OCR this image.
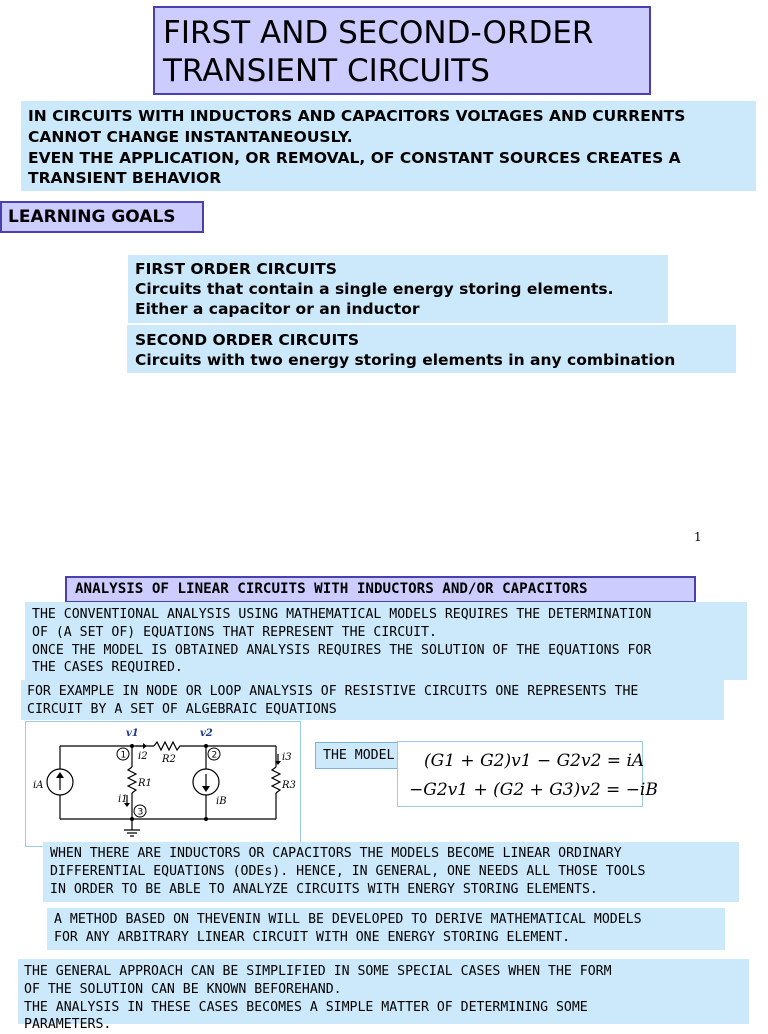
FIRST AND SECOND-ORDER
TRANSIENT CIRCUITS
IN CIRCUITS WITH INDUCTORS AND CAPACITORS VOLTAGES AND CURRENTS
CANNOT CHANGE INSTANTANEOUSLY.
EVEN THE APPLICATION, OR REMOVAL, OF CONSTANT SOURCES CREATES A
TRANSIENT BEHAVIOR
LEARNING GOALS
FIRST ORDER CIRCUITS
Circuits that contain a single energy storing elements.
Either a capacitor or an inductor
SECOND ORDER CIRCUITS
Circuits with two energy storing elements in any combination
1
ANALYSIS OF LINEAR CIRCUITS WITH INDUCTORS AND/OR CAPACITORS
THE CONVENTIONAL ANALYSIS USING MATHEMATICAL MODELS REQUIRES THE DETERMINATION
OF (A SET OF) EQUATIONS THAT REPRESENT THE CIRCUIT.
ONCE THE MODEL IS OBTAINED ANALYSIS REQUIRES THE SOLUTION OF THE EQUATIONS FOR
THE CASES REQUIRED.
FOR EXAMPLE IN NODE OR LOOP ANALYSIS OF RESISTIVE CIRCUITS ONE REPRESENTS THE
CIRCUIT BY A SET OF ALGEBRAIC EQUATIONS
v1	v2
i2 R2
R1	R3
i3
i1
iA
iB
1	2
3
THE MODEL	(G1 + G2)v1 − G2v2 = iA
−G2v1 + (G2 + G3)v2 = −iB
WHEN THERE ARE INDUCTORS OR CAPACITORS THE MODELS BECOME LINEAR ORDINARY
DIFFERENTIAL EQUATIONS (ODEs). HENCE, IN GENERAL, ONE NEEDS ALL THOSE TOOLS
IN ORDER TO BE ABLE TO ANALYZE CIRCUITS WITH ENERGY STORING ELEMENTS.
A METHOD BASED ON THEVENIN WILL BE DEVELOPED TO DERIVE MATHEMATICAL MODELS
FOR ANY ARBITRARY LINEAR CIRCUIT WITH ONE ENERGY STORING ELEMENT.
THE GENERAL APPROACH CAN BE SIMPLIFIED IN SOME SPECIAL CASES WHEN THE FORM
OF THE SOLUTION CAN BE KNOWN BEFOREHAND.
THE ANALYSIS IN THESE CASES BECOMES A SIMPLE MATTER OF DETERMINING SOME
PARAMETERS.
